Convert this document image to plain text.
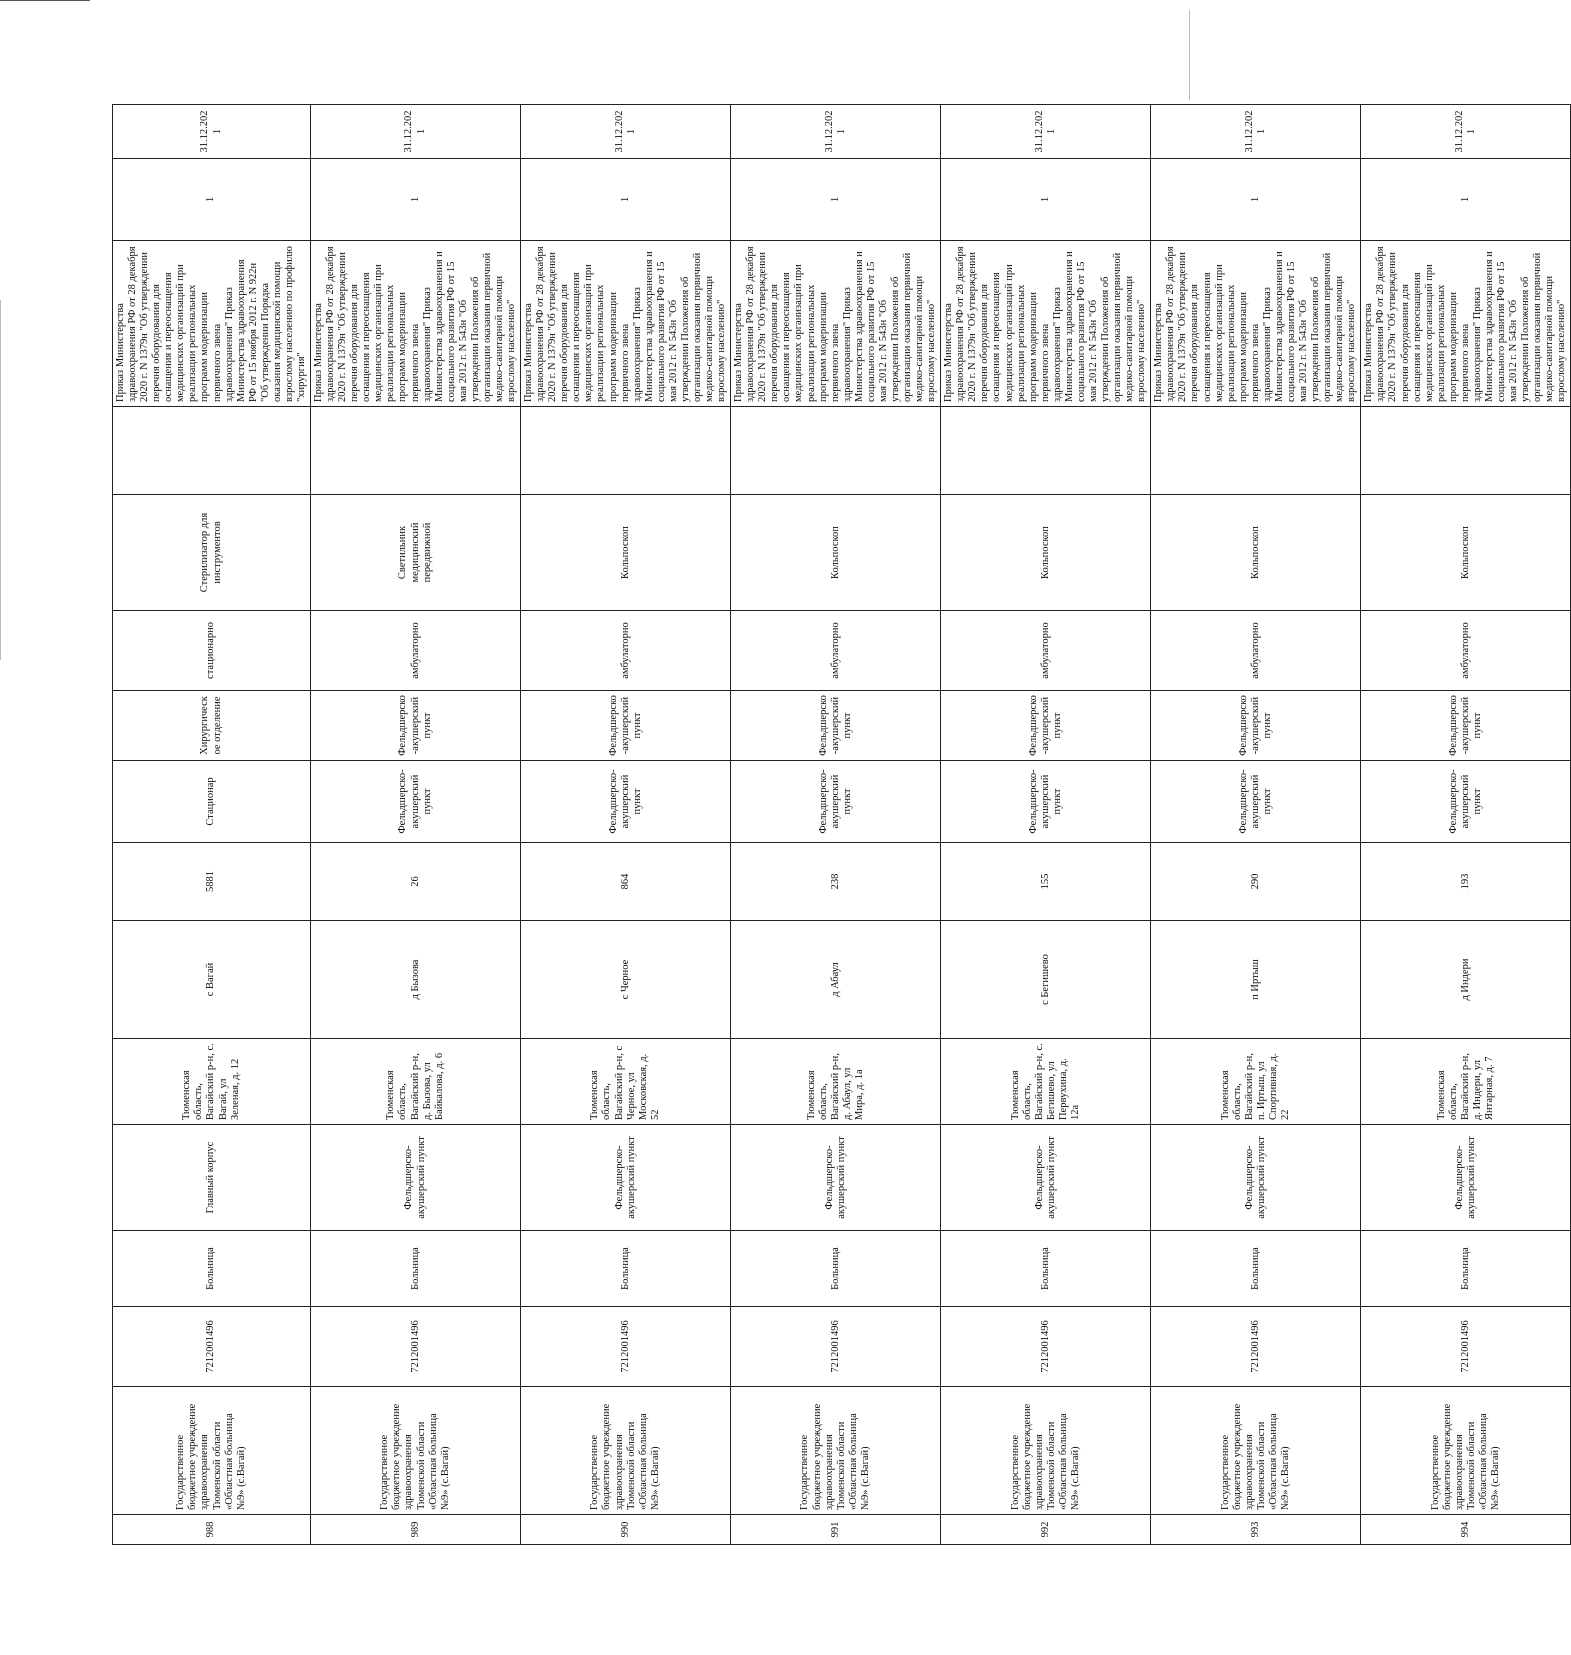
988	Государственное бюджетное учреждение здравоохранения Тюменской области «Областная больница №9» (с.Вагай)	7212001496	Больница	Главный корпус	Тюменская область, Вагайский р-н, с. Вагай, ул Зеленая, д. 12	с Вагай	5881	Стационар	Хирургическое отделение	стационарно	Стерилизатор для инструментов		Приказ Министерства здравоохранения РФ от 28 декабря 2020 г. N 1379н "Об утверждении перечня оборудования для оснащения и переоснащения медицинских организаций при реализации региональных программ модернизации первичного звена здравоохранения" Приказ Министерства здравоохранения РФ от 15 ноября 2012 г. N 922н "Об утверждении Порядка оказания медицинской помощи взрослому населению по профилю "хирургия"	1	31.12.2021
989	Государственное бюджетное учреждение здравоохранения Тюменской области «Областная больница №9» (с.Вагай)	7212001496	Больница	Фельдшерско-акушерский пункт	Тюменская область, Вагайский р-н, д. Бызова, ул Байкалова, д. 6	д Бызова	26	Фельдшерско-акушерский пункт	Фельдшерско-акушерский пункт	амбулаторно	Светильник медицинский передвижной		Приказ Министерства здравоохранения РФ от 28 декабря 2020 г. N 1379н "Об утверждении перечня оборудования для оснащения и переоснащения медицинских организаций при реализации региональных программ модернизации первичного звена здравоохранения" Приказ Министерства здравоохранения и социального развития РФ от 15 мая 2012 г. N 543н "Об утверждении Положения об организации оказания первичной медико-санитарной помощи взрослому населению"	1	31.12.2021
990	Государственное бюджетное учреждение здравоохранения Тюменской области «Областная больница №9» (с.Вагай)	7212001496	Больница	Фельдшерско-акушерский пункт	Тюменская область, Вагайский р-н, с Черное, ул Московская, д. 52	с Черное	864	Фельдшерско-акушерский пункт	Фельдшерско-акушерский пункт	амбулаторно	Кольпоскоп		Приказ Министерства здравоохранения РФ от 28 декабря 2020 г. N 1379н "Об утверждении перечня оборудования для оснащения и переоснащения медицинских организаций при реализации региональных программ модернизации первичного звена здравоохранения" Приказ Министерства здравоохранения и социального развития РФ от 15 мая 2012 г. N 543н "Об утверждении Положения об организации оказания первичной медико-санитарной помощи взрослому населению"	1	31.12.2021
991	Государственное бюджетное учреждение здравоохранения Тюменской области «Областная больница №9» (с.Вагай)	7212001496	Больница	Фельдшерско-акушерский пункт	Тюменская область, Вагайский р-н, д. Абаул, ул Мира, д. 1а	д Абаул	238	Фельдшерско-акушерский пункт	Фельдшерско-акушерский пункт	амбулаторно	Кольпоскоп		Приказ Министерства здравоохранения РФ от 28 декабря 2020 г. N 1379н "Об утверждении перечня оборудования для оснащения и переоснащения медицинских организаций при реализации региональных программ модернизации первичного звена здравоохранения" Приказ Министерства здравоохранения и социального развития РФ от 15 мая 2012 г. N 543н "Об утверждении Положения об организации оказания первичной медико-санитарной помощи взрослому населению"	1	31.12.2021
992	Государственное бюджетное учреждение здравоохранения Тюменской области «Областная больница №9» (с.Вагай)	7212001496	Больница	Фельдшерско-акушерский пункт	Тюменская область, Вагайский р-н, с. Бегишево, ул Первухина, д. 12а	с Бегишево	155	Фельдшерско-акушерский пункт	Фельдшерско-акушерский пункт	амбулаторно	Кольпоскоп		Приказ Министерства здравоохранения РФ от 28 декабря 2020 г. N 1379н "Об утверждении перечня оборудования для оснащения и переоснащения медицинских организаций при реализации региональных программ модернизации первичного звена здравоохранения" Приказ Министерства здравоохранения и социального развития РФ от 15 мая 2012 г. N 543н "Об утверждении Положения об организации оказания первичной медико-санитарной помощи взрослому населению"	1	31.12.2021
993	Государственное бюджетное учреждение здравоохранения Тюменской области «Областная больница №9» (с.Вагай)	7212001496	Больница	Фельдшерско-акушерский пункт	Тюменская область, Вагайский р-н, п. Иртыш, ул Спортивная, д. 22	п Иртыш	290	Фельдшерско-акушерский пункт	Фельдшерско-акушерский пункт	амбулаторно	Кольпоскоп		Приказ Министерства здравоохранения РФ от 28 декабря 2020 г. N 1379н "Об утверждении перечня оборудования для оснащения и переоснащения медицинских организаций при реализации региональных программ модернизации первичного звена здравоохранения" Приказ Министерства здравоохранения и социального развития РФ от 15 мая 2012 г. N 543н "Об утверждении Положения об организации оказания первичной медико-санитарной помощи взрослому населению"	1	31.12.2021
994	Государственное бюджетное учреждение здравоохранения Тюменской области «Областная больница №9» (с.Вагай)	7212001496	Больница	Фельдшерско-акушерский пункт	Тюменская область, Вагайский р-н, д. Индери, ул Янтарная, д. 7	д Индери	193	Фельдшерско-акушерский пункт	Фельдшерско-акушерский пункт	амбулаторно	Кольпоскоп		Приказ Министерства здравоохранения РФ от 28 декабря 2020 г. N 1379н "Об утверждении перечня оборудования для оснащения и переоснащения медицинских организаций при реализации региональных программ модернизации первичного звена здравоохранения" Приказ Министерства здравоохранения и социального развития РФ от 15 мая 2012 г. N 543н "Об утверждении Положения об организации оказания первичной медико-санитарной помощи взрослому населению"	1	31.12.2021
